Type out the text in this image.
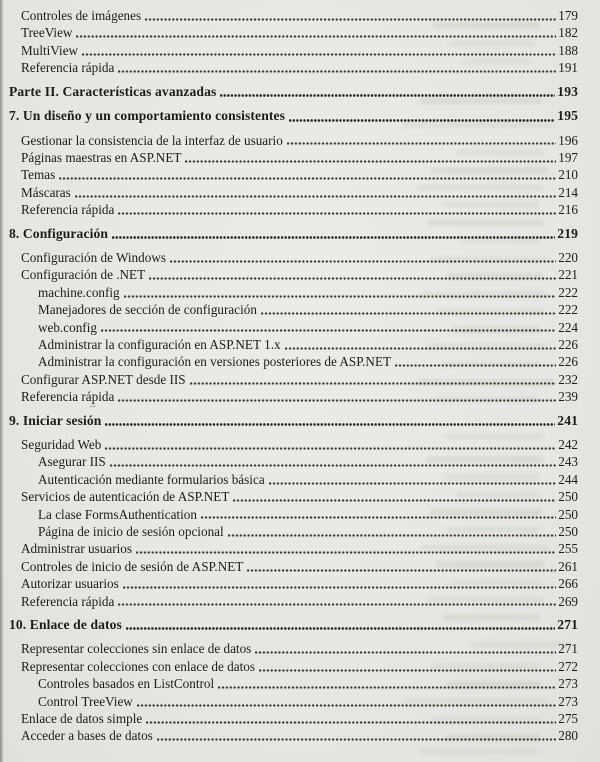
~
Controles de imágenes	179
TreeView	182
MultiView	188
Referencia rápida	191
Parte II. Características avanzadas	193
7. Un diseño y un comportamiento consistentes	195
Gestionar la consistencia de la interfaz de usuario	196
Páginas maestras en ASP.NET	197
Temas	210
Máscaras	214
Referencia rápida	216
8. Configuración	219
Configuración de Windows	220
Configuración de .NET	221
machine.config	222
Manejadores de sección de configuración	222
web.config	224
Administrar la configuración en ASP.NET 1.x	226
Administrar la configuración en versiones posteriores de ASP.NET	226
Configurar ASP.NET desde IIS	232
Referencia rápida	239
9. Iniciar sesión	241
Seguridad Web	242
Asegurar IIS	243
Autenticación mediante formularios básica	244
Servicios de autenticación de ASP.NET	250
La clase FormsAuthentication	250
Página de inicio de sesión opcional	250
Administrar usuarios	255
Controles de inicio de sesión de ASP.NET	261
Autorizar usuarios	266
Referencia rápida	269
10. Enlace de datos	271
Representar colecciones sin enlace de datos	271
Representar colecciones con enlace de datos	272
Controles basados en ListControl	273
Control TreeView	273
Enlace de datos simple	275
Acceder a bases de datos	280
